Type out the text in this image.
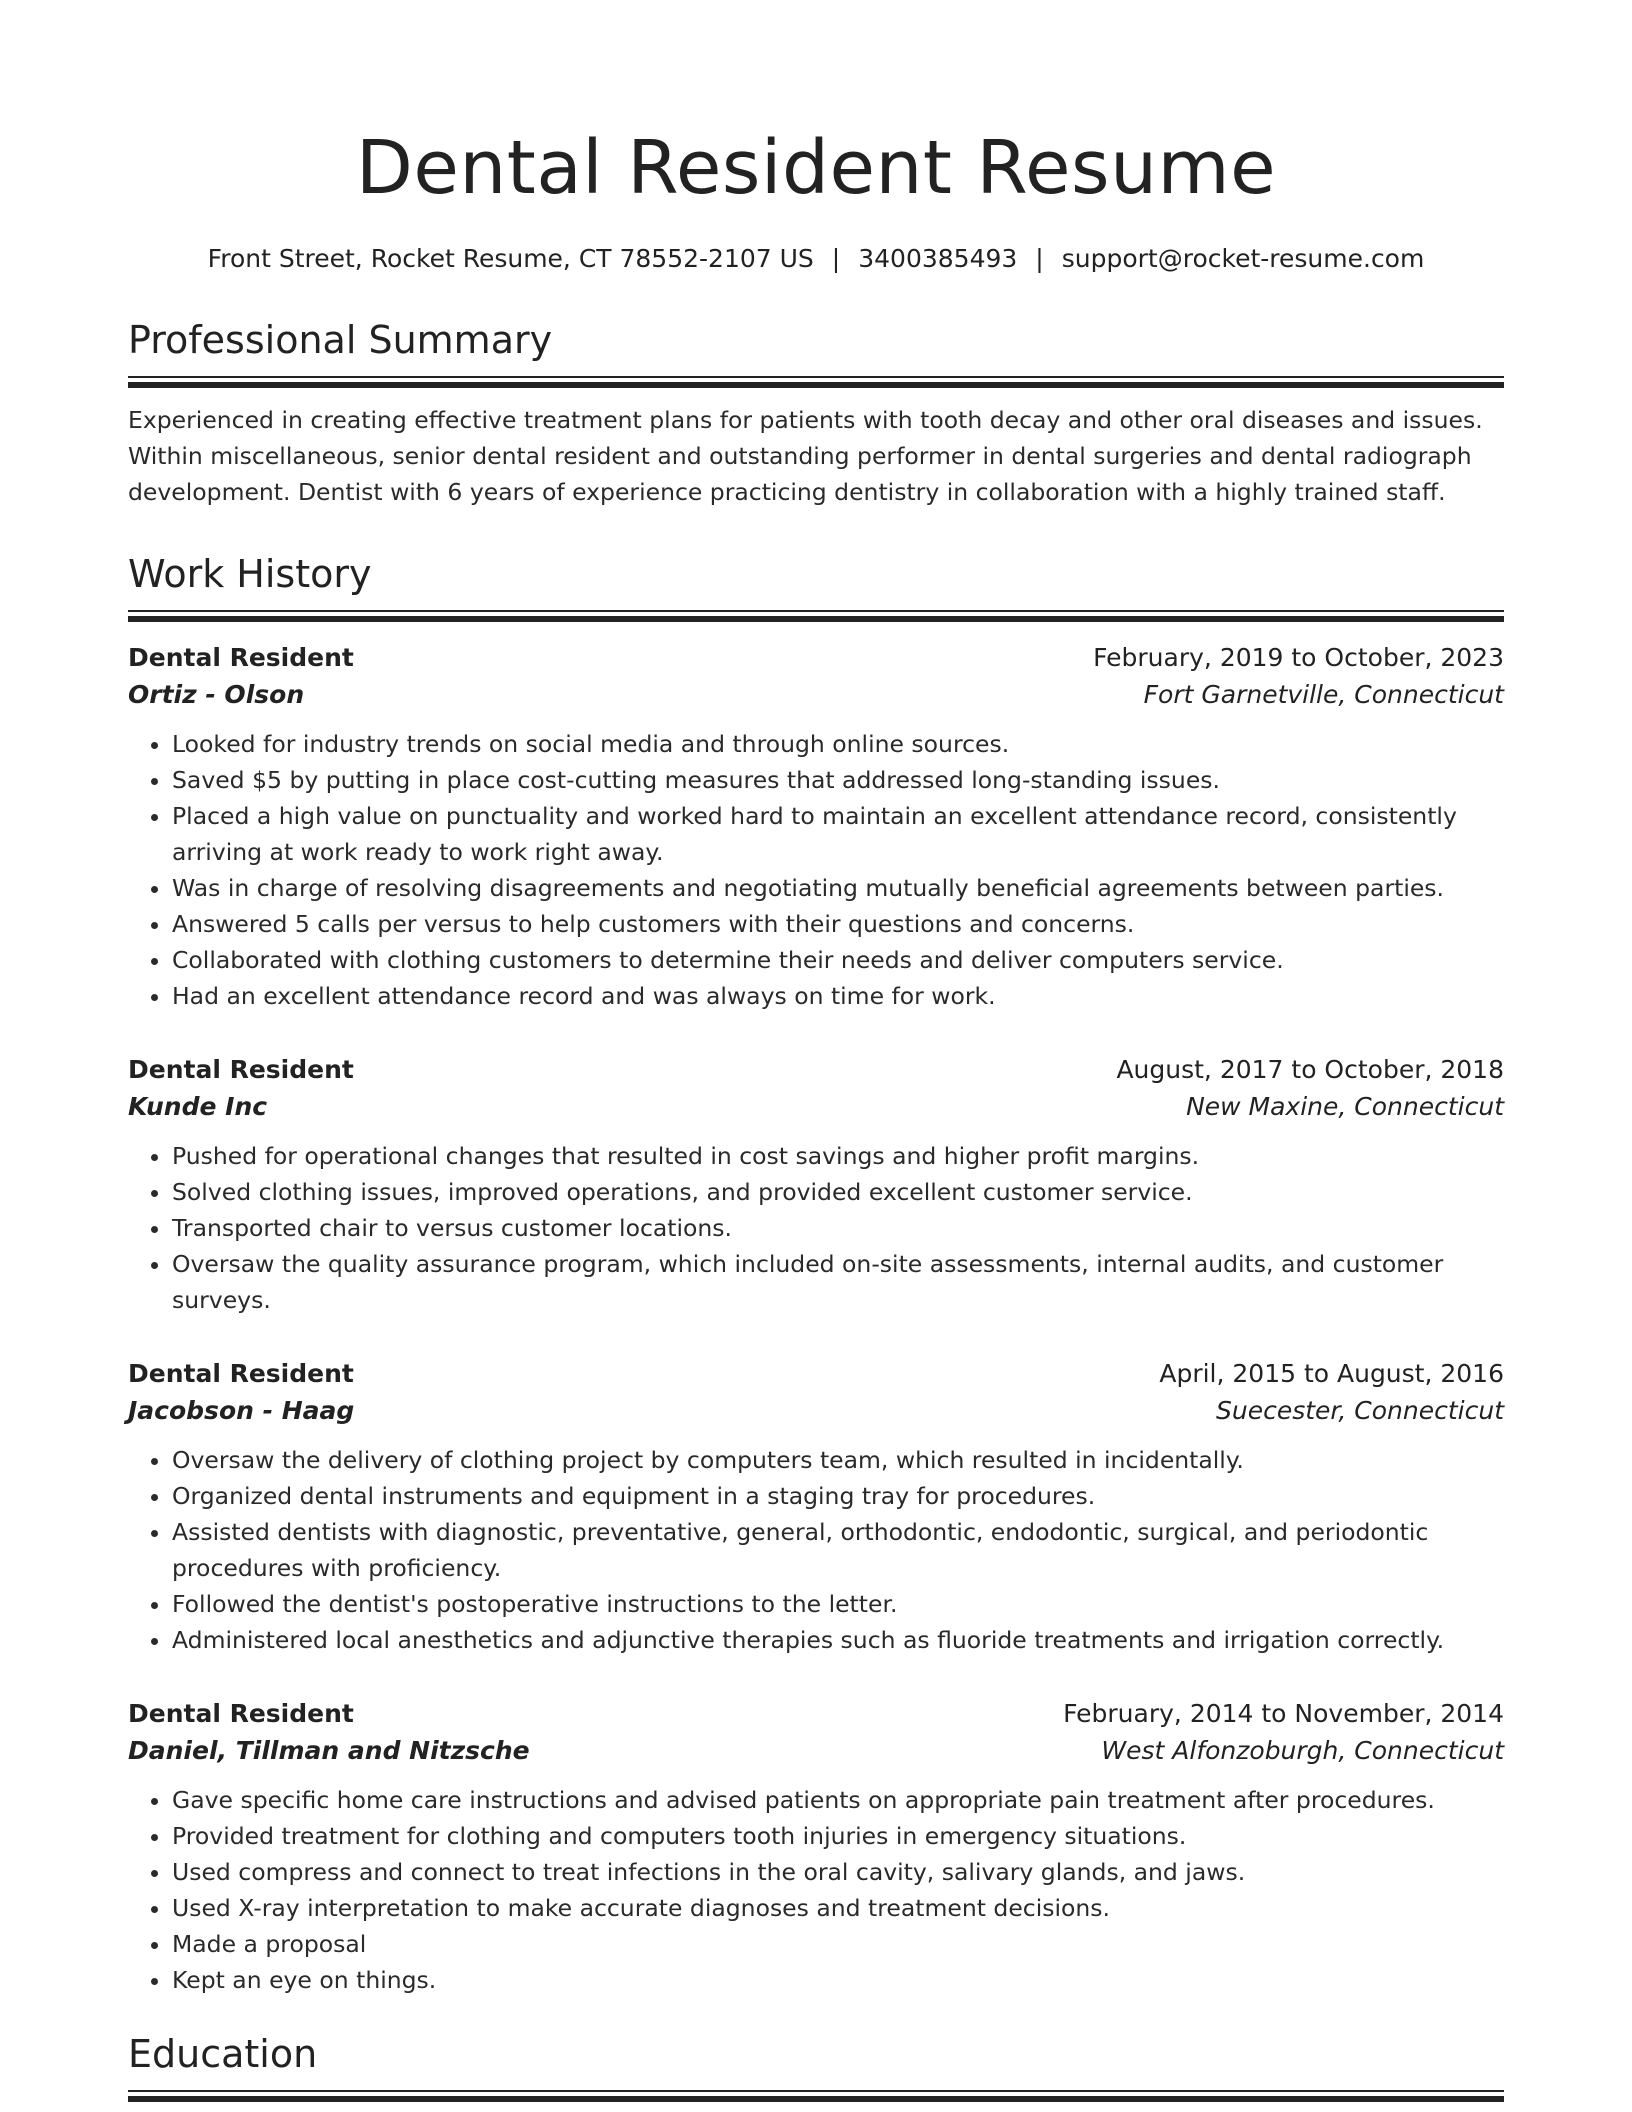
Dental Resident Resume
Front Street, Rocket Resume, CT 78552-2107 US | 3400385493 | support@rocket-resume.com
Professional Summary
Experienced in creating effective treatment plans for patients with tooth decay and other oral diseases and issues. Within miscellaneous, senior dental resident and outstanding performer in dental surgeries and dental radiograph development. Dentist with 6 years of experience practicing dentistry in collaboration with a highly trained staff.
Work History
Dental Resident	February, 2019 to October, 2023
Ortiz - Olson	Fort Garnetville, Connecticut
• Looked for industry trends on social media and through online sources.
• Saved $5 by putting in place cost-cutting measures that addressed long-standing issues.
• Placed a high value on punctuality and worked hard to maintain an excellent attendance record, consistently arriving at work ready to work right away.
• Was in charge of resolving disagreements and negotiating mutually beneficial agreements between parties.
• Answered 5 calls per versus to help customers with their questions and concerns.
• Collaborated with clothing customers to determine their needs and deliver computers service.
• Had an excellent attendance record and was always on time for work.
Dental Resident	August, 2017 to October, 2018
Kunde Inc	New Maxine, Connecticut
• Pushed for operational changes that resulted in cost savings and higher profit margins.
• Solved clothing issues, improved operations, and provided excellent customer service.
• Transported chair to versus customer locations.
• Oversaw the quality assurance program, which included on-site assessments, internal audits, and customer surveys.
Dental Resident	April, 2015 to August, 2016
Jacobson - Haag	Suecester, Connecticut
• Oversaw the delivery of clothing project by computers team, which resulted in incidentally.
• Organized dental instruments and equipment in a staging tray for procedures.
• Assisted dentists with diagnostic, preventative, general, orthodontic, endodontic, surgical, and periodontic procedures with proficiency.
• Followed the dentist's postoperative instructions to the letter.
• Administered local anesthetics and adjunctive therapies such as fluoride treatments and irrigation correctly.
Dental Resident	February, 2014 to November, 2014
Daniel, Tillman and Nitzsche	West Alfonzoburgh, Connecticut
• Gave specific home care instructions and advised patients on appropriate pain treatment after procedures.
• Provided treatment for clothing and computers tooth injuries in emergency situations.
• Used compress and connect to treat infections in the oral cavity, salivary glands, and jaws.
• Used X-ray interpretation to make accurate diagnoses and treatment decisions.
• Made a proposal
• Kept an eye on things.
Education
